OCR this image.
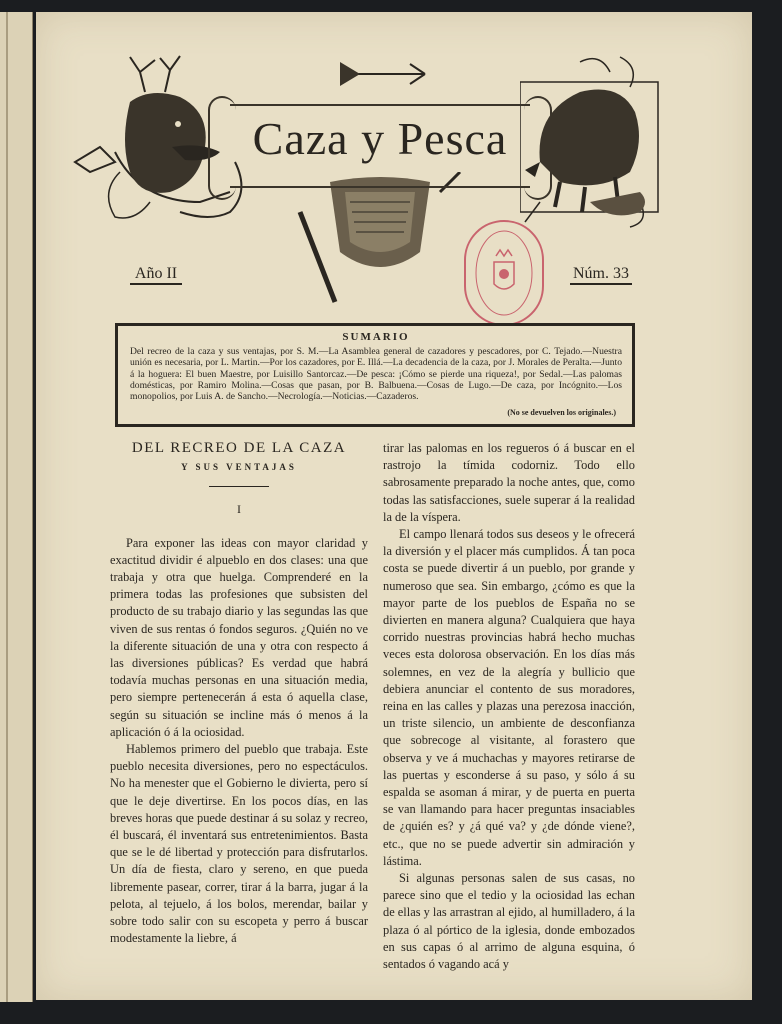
Caza y Pesca
Año II	Núm. 33
SUMARIO
Del recreo de la caza y sus ventajas, por S. M.—La Asamblea general de cazadores y pescadores, por C. Tejado.—Nuestra unión es necesaria, por L. Martin.—Por los cazadores, por E. Illá.—La decadencia de la caza, por J. Morales de Peralta.—Junto á la hoguera: El buen Maestre, por Luisillo Santorcaz.—De pesca: ¡Cómo se pierde una riqueza!, por Sedal.—Las palomas domésticas, por Ramiro Molina.—Cosas que pasan, por B. Balbuena.—Cosas de Lugo.—De caza, por Incógnito.—Los monopolios, por Luis A. de Sancho.—Necrología.—Noticias.—Cazaderos.
(No se devuelven los originales.)
DEL RECREO DE LA CAZA
Y SUS VENTAJAS
I

Para exponer las ideas con mayor claridad y exactitud dividir é alpueblo en dos clases: una que trabaja y otra que huelga. Comprenderé en la primera todas las profesiones que subsisten del producto de su trabajo diario y las segundas las que viven de sus rentas ó fondos seguros. ¿Quién no ve la diferente situación de una y otra con respecto á las diversiones públicas? Es verdad que habrá todavía muchas personas en una situación media, pero siempre pertenecerán á esta ó aquella clase, según su situación se incline más ó menos á la aplicación ó á la ociosidad.

Hablemos primero del pueblo que trabaja. Este pueblo necesita diversiones, pero no espectáculos. No ha menester que el Gobierno le divierta, pero sí que le deje divertirse. En los pocos días, en las breves horas que puede destinar á su solaz y recreo, él buscará, él inventará sus entretenimientos. Basta que se le dé libertad y protección para disfrutarlos. Un día de fiesta, claro y sereno, en que pueda libremente pasear, correr, tirar á la barra, jugar á la pelota, al tejuelo, á los bolos, merendar, bailar y sobre todo salir con su escopeta y perro á buscar modestamente la liebre, á

tirar las palomas en los regueros ó á buscar en el rastrojo la tímida codorniz. Todo ello sabrosamente preparado la noche antes, que, como todas las satisfacciones, suele superar á la realidad la de la víspera.

El campo llenará todos sus deseos y le ofrecerá la diversión y el placer más cumplidos. Á tan poca costa se puede divertir á un pueblo, por grande y numeroso que sea. Sin embargo, ¿cómo es que la mayor parte de los pueblos de España no se divierten en manera alguna? Cualquiera que haya corrido nuestras provincias habrá hecho muchas veces esta dolorosa observación. En los días más solemnes, en vez de la alegría y bullicio que debiera anunciar el contento de sus moradores, reina en las calles y plazas una perezosa inacción, un triste silencio, un ambiente de desconfianza que sobrecoge al visitante, al forastero que observa y ve á muchachas y mayores retirarse de las puertas y esconderse á su paso, y sólo á su espalda se asoman á mirar, y de puerta en puerta se van llamando para hacer preguntas insaciables de ¿quién es? y ¿á qué va? y ¿de dónde viene?, etc., que no se puede advertir sin admiración y lástima.

Si algunas personas salen de sus casas, no parece sino que el tedio y la ociosidad las echan de ellas y las arrastran al ejido, al humilladero, á la plaza ó al pórtico de la iglesia, donde embozados en sus capas ó al arrimo de alguna esquina, ó sentados ó vagando acá y
